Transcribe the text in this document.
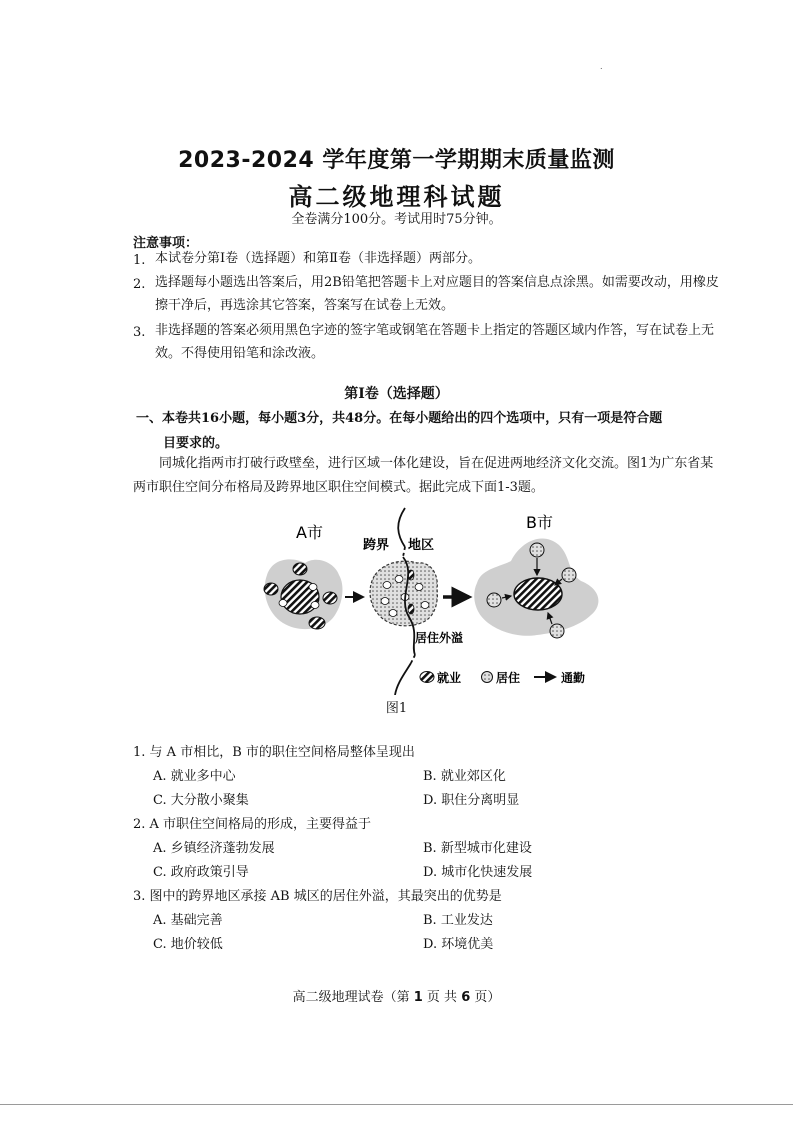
.
2023-2024 学年度第一学期期末质量监测
高二级地理科试题
全卷满分100分。考试用时75分钟。
注意事项：
1. 本试卷分第Ⅰ卷（选择题）和第Ⅱ卷（非选择题）两部分。
2. 选择题每小题选出答案后，用2B铅笔把答题卡上对应题目的答案信息点涂黑。如需要改动，用橡皮擦干净后，再选涂其它答案，答案写在试卷上无效。
3. 非选择题的答案必须用黑色字迹的签字笔或钢笔在答题卡上指定的答题区域内作答，写在试卷上无效。不得使用铅笔和涂改液。
第Ⅰ卷（选择题）
一、本卷共16小题，每小题3分，共48分。在每小题给出的四个选项中，只有一项是符合题
目要求的。
同城化指两市打破行政壁垒，进行区域一体化建设，旨在促进两地经济文化交流。图1为广东省某两市职住空间分布格局及跨界地区职住空间模式。据此完成下面1-3题。
A市
跨界 地区
居住外溢
B市
就业	居住	通勤
图1
1. 与 A 市相比，B 市的职住空间格局整体呈现出
A. 就业多中心	B. 就业郊区化
C. 大分散小聚集	D. 职住分离明显
2. A 市职住空间格局的形成，主要得益于
A. 乡镇经济蓬勃发展	B. 新型城市化建设
C. 政府政策引导	D. 城市化快速发展
3. 图中的跨界地区承接 AB 城区的居住外溢，其最突出的优势是
A. 基础完善	B. 工业发达
C. 地价较低	D. 环境优美
高二级地理试卷（第 1 页 共 6 页）
